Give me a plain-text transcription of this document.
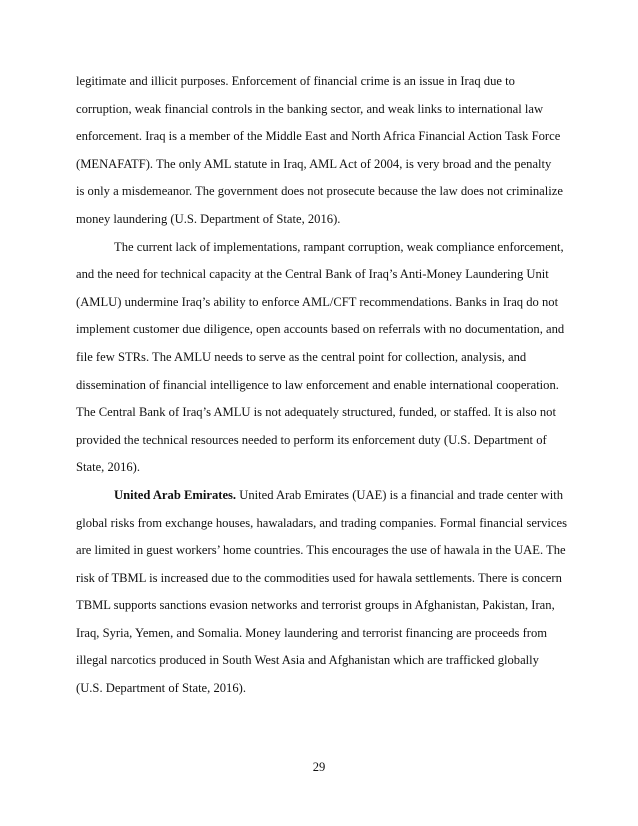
legitimate and illicit purposes. Enforcement of financial crime is an issue in Iraq due to
corruption, weak financial controls in the banking sector, and weak links to international law
enforcement. Iraq is a member of the Middle East and North Africa Financial Action Task Force
(MENAFATF). The only AML statute in Iraq, AML Act of 2004, is very broad and the penalty
is only a misdemeanor. The government does not prosecute because the law does not criminalize
money laundering (U.S. Department of State, 2016).
The current lack of implementations, rampant corruption, weak compliance enforcement,
and the need for technical capacity at the Central Bank of Iraq’s Anti-Money Laundering Unit
(AMLU) undermine Iraq’s ability to enforce AML/CFT recommendations. Banks in Iraq do not
implement customer due diligence, open accounts based on referrals with no documentation, and
file few STRs. The AMLU needs to serve as the central point for collection, analysis, and
dissemination of financial intelligence to law enforcement and enable international cooperation.
The Central Bank of Iraq’s AMLU is not adequately structured, funded, or staffed. It is also not
provided the technical resources needed to perform its enforcement duty (U.S. Department of
State, 2016).
United Arab Emirates. United Arab Emirates (UAE) is a financial and trade center with
global risks from exchange houses, hawaladars, and trading companies. Formal financial services
are limited in guest workers’ home countries. This encourages the use of hawala in the UAE. The
risk of TBML is increased due to the commodities used for hawala settlements. There is concern
TBML supports sanctions evasion networks and terrorist groups in Afghanistan, Pakistan, Iran,
Iraq, Syria, Yemen, and Somalia. Money laundering and terrorist financing are proceeds from
illegal narcotics produced in South West Asia and Afghanistan which are trafficked globally
(U.S. Department of State, 2016).
29
